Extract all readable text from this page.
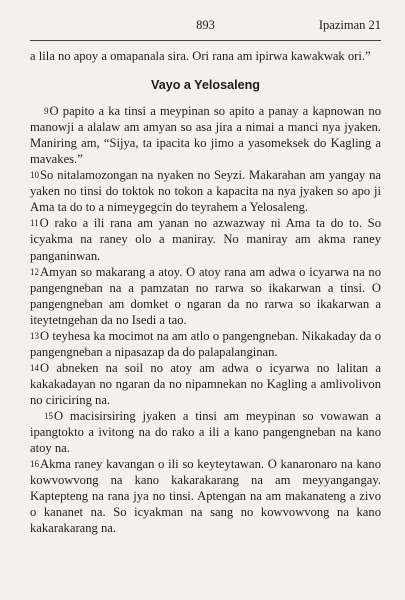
893	Ipaziman 21

a lila no apoy a omapanala sira. Ori rana am ipirwa kawakwak ori.”

Vayo a Yelosaleng

9O papito a ka tinsi a meypinan so apito a panay a kapnowan no manowji a alalaw am amyan so asa jira a nimai a manci nya jyaken. Maniring am, “Sijya, ta ipacita ko jimo a yasomeksek do Kagling a mavakes.”

10So nitalamozongan na nyaken no Seyzi. Makarahan am yangay na yaken no tinsi do toktok no tokon a kapacita na nya jyaken so apo ji Ama ta do to a nimeygegcin do teyrahem a Yelosaleng.

11O rako a ili rana am yanan no azwazway ni Ama ta do to. So icyakma na raney olo a maniray. No maniray am akma raney panganinwan.

12Amyan so makarang a atoy. O atoy rana am adwa o icyarwa na no pangengneban na a pamzatan no rarwa so ikakarwan a tinsi. O pangengneban am domket o ngaran da no rarwa so ikakarwan a iteytetngehan da no Isedi a tao.

13O teyhesa ka mocimot na am atlo o pangengneban. Nikakaday da o pangengneban a nipasazap da do palapalanginan.

14O abneken na soil no atoy am adwa o icyarwa no lalitan a kakakadayan no ngaran da no nipamnekan no Kagling a amlivolivon no ciriciring na.

15O macisirsiring jyaken a tinsi am meypinan so vowawan a ipangtokto a ivitong na do rako a ili a kano pangengneban na kano atoy na.

16Akma raney kavangan o ili so keyteytawan. O kanaronaro na kano kowvowvong na kano kakarakarang na am meyyangangay. Kaptepteng na rana jya no tinsi. Aptengan na am makanateng a zivo o kananet na. So icyakman na sang no kowvowvong na kano kakarakarang na.
